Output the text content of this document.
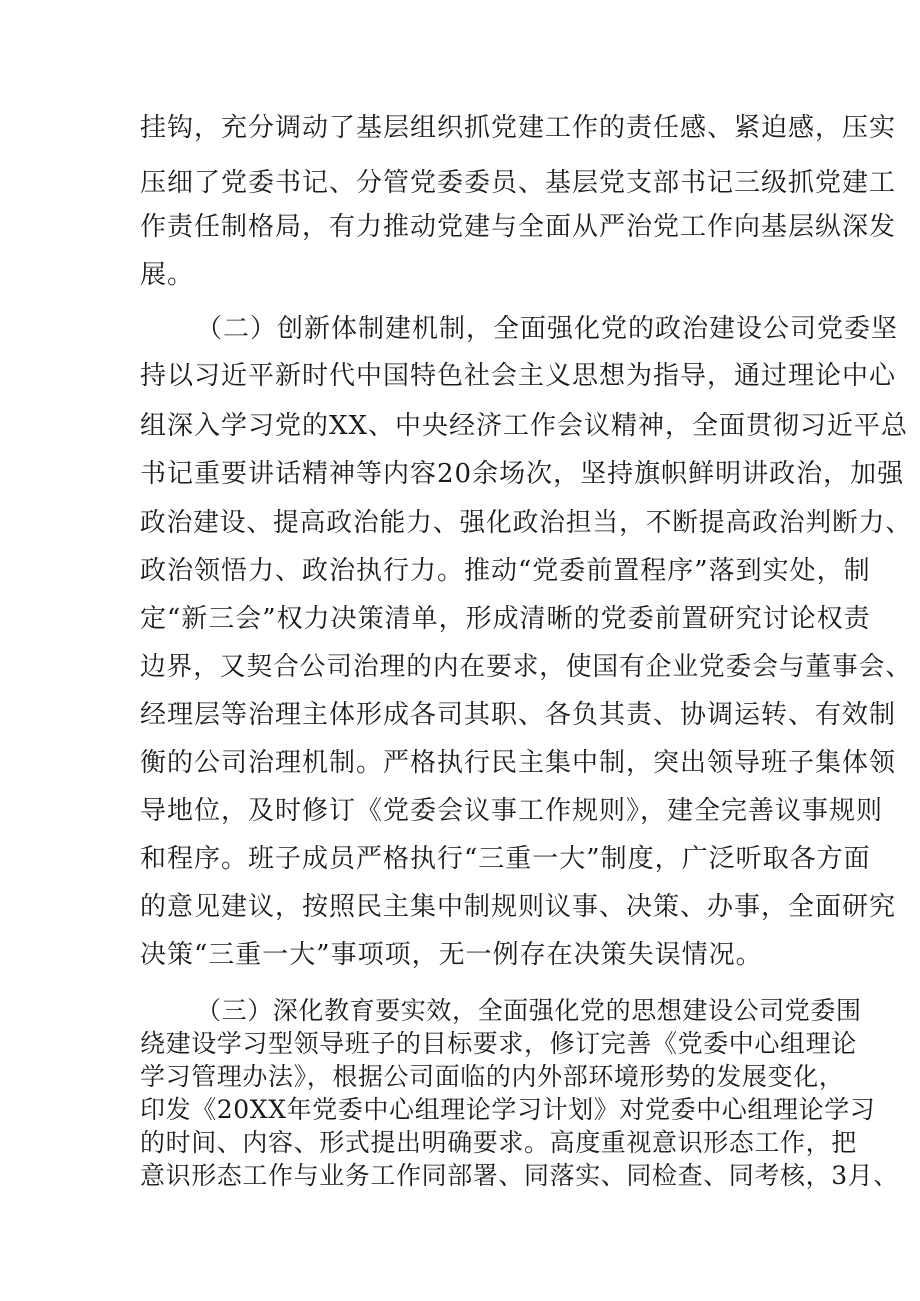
挂钩，充分调动了基层组织抓党建工作的责任感、紧迫感，压实
压细了党委书记、分管党委委员、基层党支部书记三级抓党建工
作责任制格局，有力推动党建与全面从严治党工作向基层纵深发
展。
（二）创新体制建机制，全面强化党的政治建设公司党委坚
持以习近平新时代中国特色社会主义思想为指导，通过理论中心
组深入学习党的XX、中央经济工作会议精神，全面贯彻习近平总
书记重要讲话精神等内容20余场次，坚持旗帜鲜明讲政治，加强
政治建设、提高政治能力、强化政治担当，不断提高政治判断力、
政治领悟力、政治执行力。推动“党委前置程序”落到实处，制
定“新三会”权力决策清单，形成清晰的党委前置研究讨论权责
边界，又契合公司治理的内在要求，使国有企业党委会与董事会、
经理层等治理主体形成各司其职、各负其责、协调运转、有效制
衡的公司治理机制。严格执行民主集中制，突出领导班子集体领
导地位，及时修订《党委会议事工作规则》，建全完善议事规则
和程序。班子成员严格执行“三重一大”制度，广泛听取各方面
的意见建议，按照民主集中制规则议事、决策、办事，全面研究
决策“三重一大”事项项，无一例存在决策失误情况。
（三）深化教育要实效，全面强化党的思想建设公司党委围
绕建设学习型领导班子的目标要求，修订完善《党委中心组理论
学习管理办法》，根据公司面临的内外部环境形势的发展变化，
印发《20XX年党委中心组理论学习计划》对党委中心组理论学习
的时间、内容、形式提出明确要求。高度重视意识形态工作，把
意识形态工作与业务工作同部署、同落实、同检查、同考核，3月、
